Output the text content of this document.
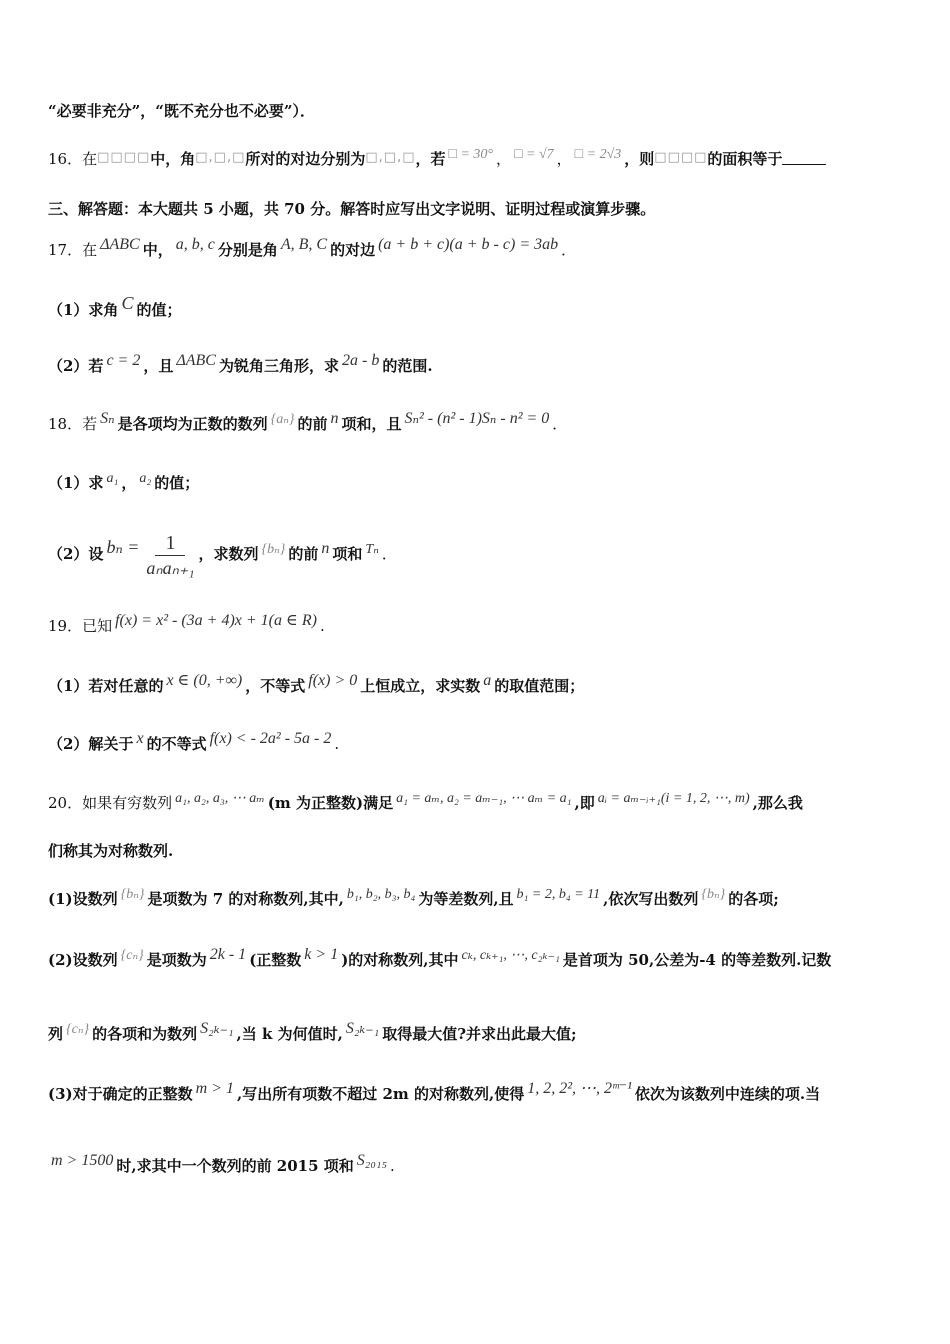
“必要非充分”，“既不充分也不必要”）．
16．在□□□□中，角□,□,□所对的对边分别为□,□,□，若 □ = 30° ， □ = √7 ， □ = 2√3 ，则□□□□的面积等于
三、解答题：本大题共 5 小题，共 70 分。解答时应写出文字说明、证明过程或演算步骤。
17．在 ΔABC 中， a, b, c 分别是角 A, B, C 的对边 (a + b + c)(a + b - c) = 3ab ．
（1）求角 C 的值；
（2）若 c = 2 ，且 ΔABC 为锐角三角形，求 2a - b 的范围.
18．若 Sₙ 是各项均为正数的数列 {aₙ} 的前 n 项和，且 Sₙ² - (n² - 1)Sₙ - n² = 0 ．
（1）求 a₁ ， a₂ 的值；
（2）设 $b_n = \frac{1}{\text{aₙaₙ₊₁}}$ ，求数列 {bₙ} 的前 n 项和 Tₙ ．
19．已知 f(x) = x² - (3a + 4)x + 1(a ∈ R) .
（1）若对任意的 x ∈ (0, +∞) ，不等式 f(x) > 0 上恒成立，求实数 a 的取值范围；
（2）解关于 x 的不等式 f(x) < - 2a² - 5a - 2 .
20．如果有穷数列 a₁, a₂, a₃, ⋯ aₘ (m 为正整数)满足 a₁ = aₘ, a₂ = aₘ₋₁, ⋯ aₘ = a₁ ,即 aᵢ = aₘ₋ᵢ₊₁(i = 1, 2, ⋯, m) ,那么我
们称其为对称数列.
(1)设数列 {bₙ} 是项数为 7 的对称数列,其中, b₁, b₂, b₃, b₄ 为等差数列,且 b₁ = 2, b₄ = 11 ,依次写出数列 {bₙ} 的各项;
(2)设数列 {cₙ} 是项数为 2k - 1 (正整数 k > 1 )的对称数列,其中 cₖ, cₖ₊₁, ⋯, c₂ₖ₋₁ 是首项为 50,公差为-4 的等差数列.记数
列 {cₙ} 的各项和为数列 S₂ₖ₋₁ ,当 k 为何值时, S₂ₖ₋₁ 取得最大值?并求出此最大值;
(3)对于确定的正整数 m > 1 ,写出所有项数不超过 2m 的对称数列,使得 1, 2, 2², ⋯, 2ᵐ⁻¹ 依次为该数列中连续的项.当
m > 1500 时,求其中一个数列的前 2015 项和 S₂₀₁₅ .
